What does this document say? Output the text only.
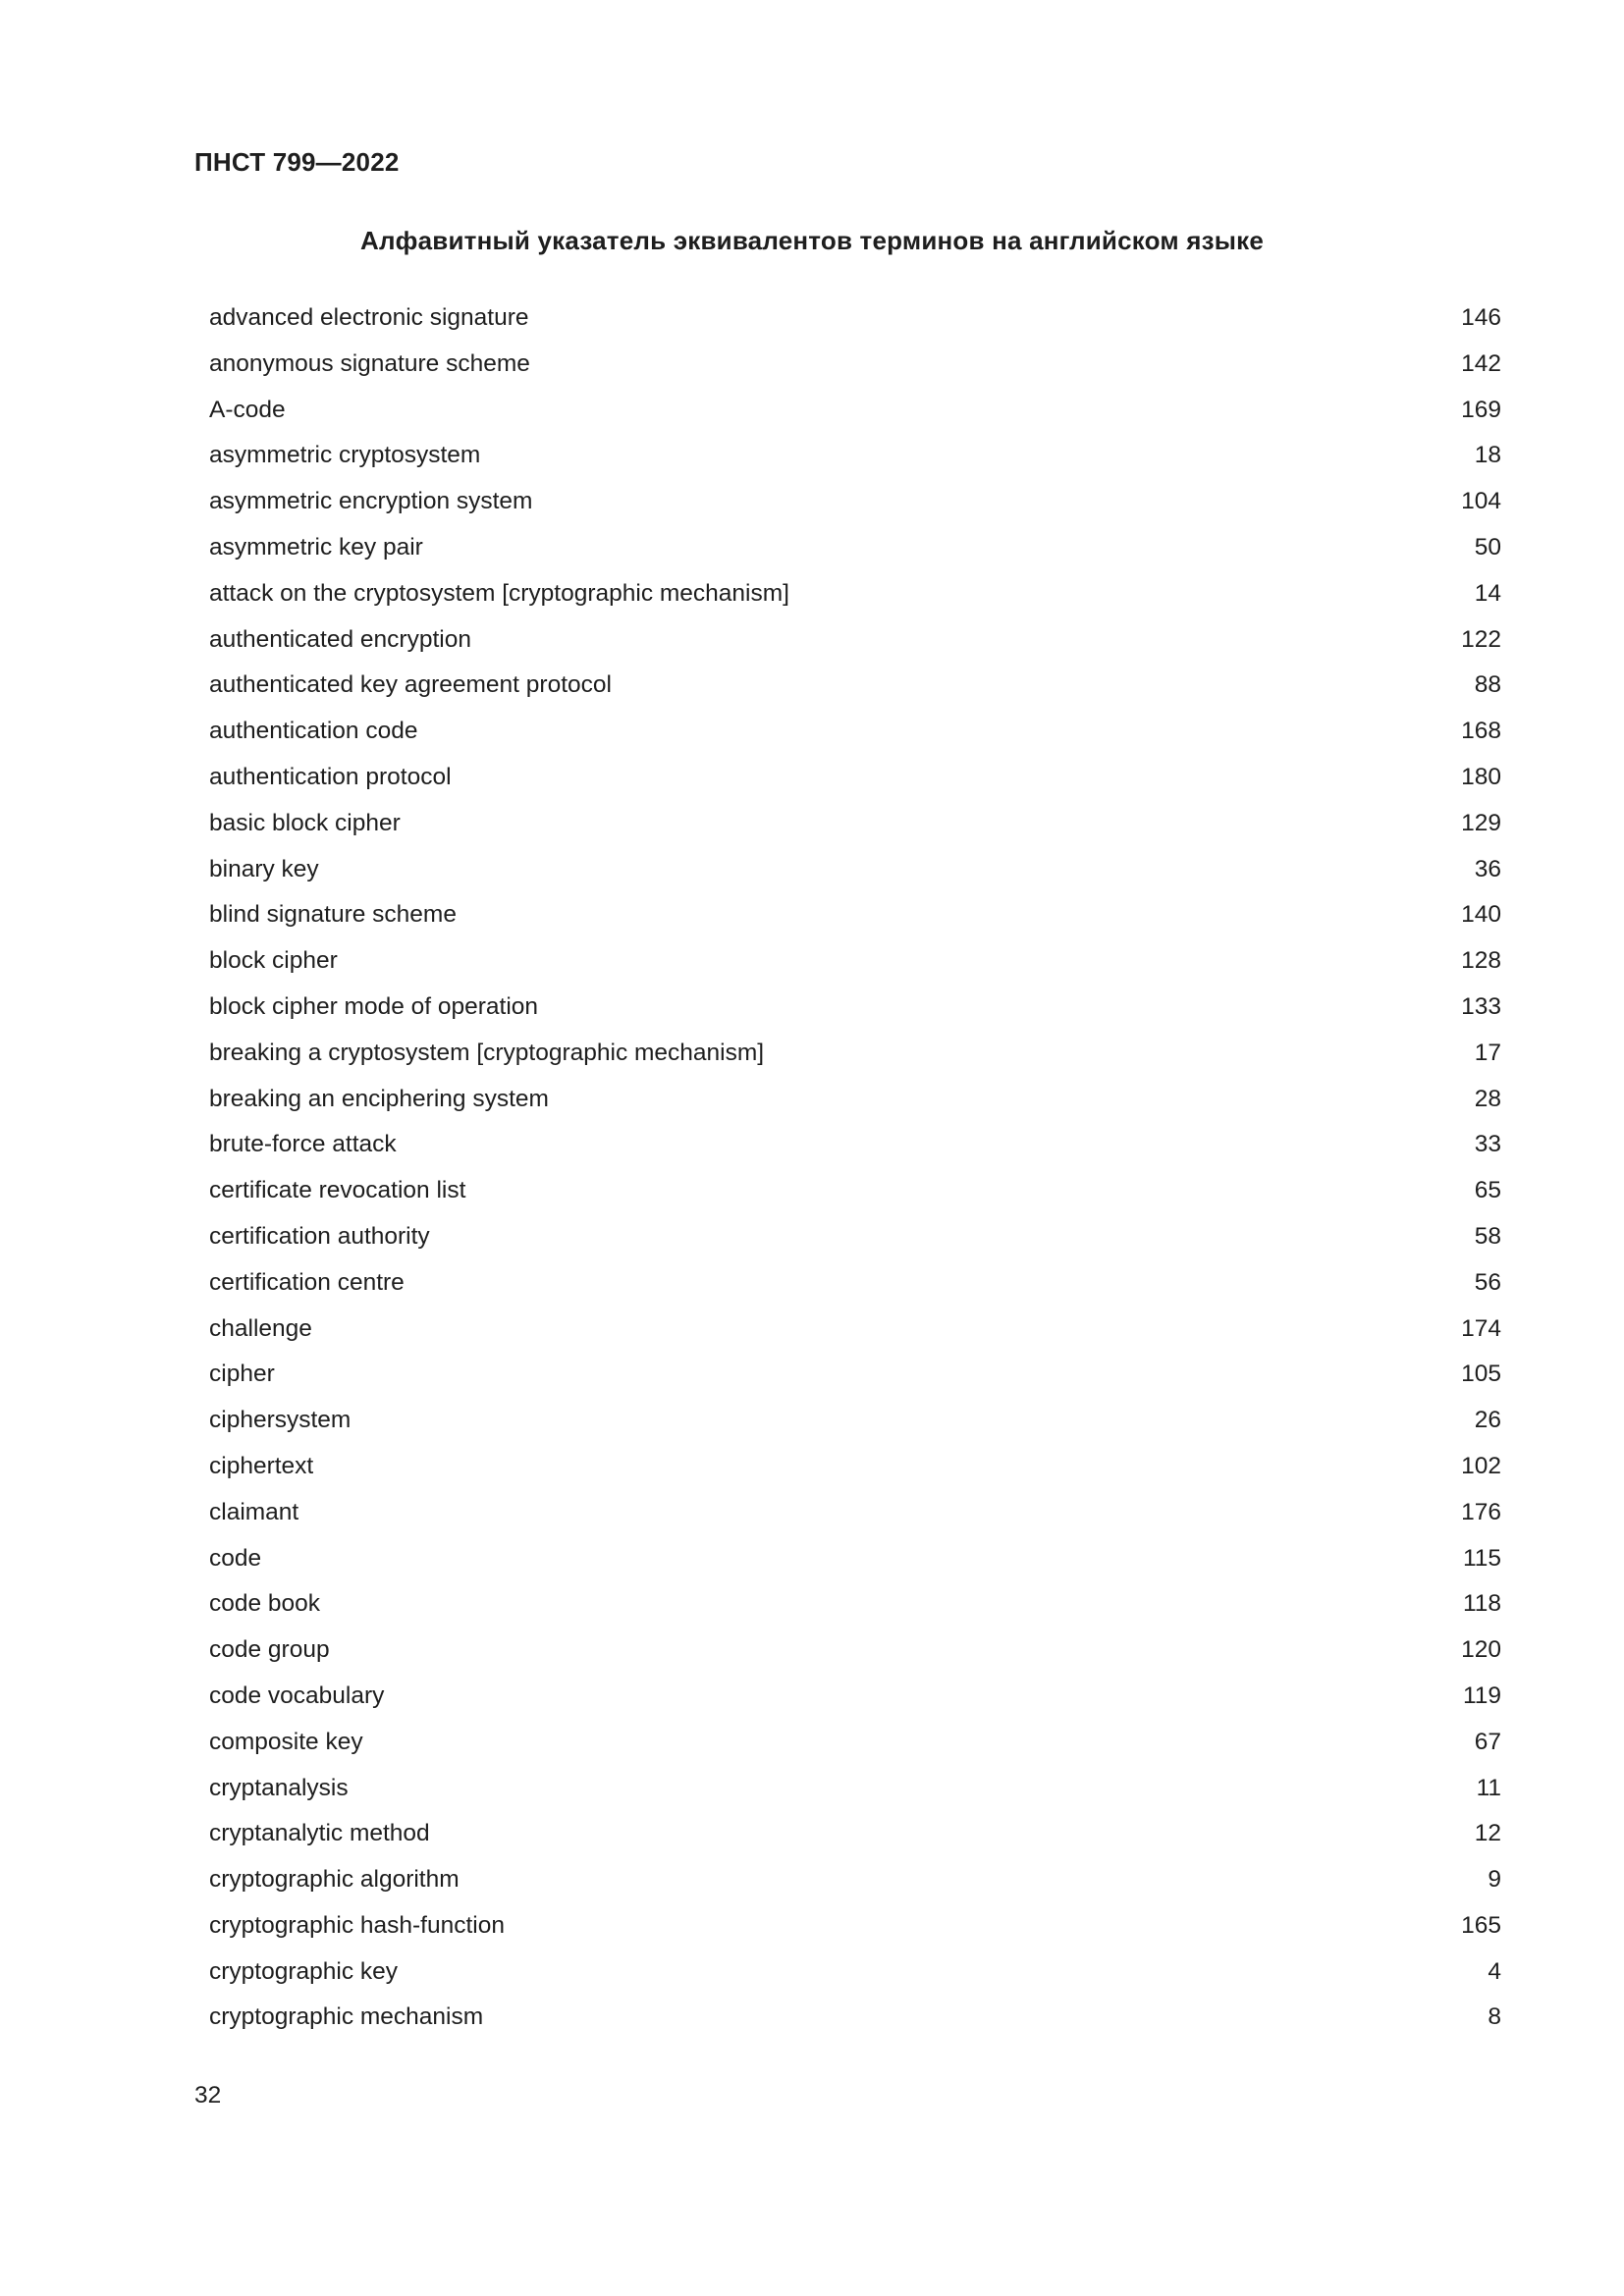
ПНСТ 799—2022
Алфавитный указатель эквивалентов терминов на английском языке
advanced electronic signature	146
anonymous signature scheme	142
A-code	169
asymmetric cryptosystem	18
asymmetric encryption system	104
asymmetric key pair	50
attack on the cryptosystem [cryptographic mechanism]	14
authenticated encryption	122
authenticated key agreement protocol	88
authentication code	168
authentication protocol	180
basic block cipher	129
binary key	36
blind signature scheme	140
block cipher	128
block cipher mode of operation	133
breaking a cryptosystem [cryptographic mechanism]	17
breaking an enciphering system	28
brute-force attack	33
certificate revocation list	65
certification authority	58
certification centre	56
challenge	174
cipher	105
ciphersystem	26
ciphertext	102
claimant	176
code	115
code book	118
code group	120
code vocabulary	119
composite key	67
cryptanalysis	11
cryptanalytic method	12
cryptographic algorithm	9
cryptographic hash-function	165
cryptographic key	4
cryptographic mechanism	8
32
